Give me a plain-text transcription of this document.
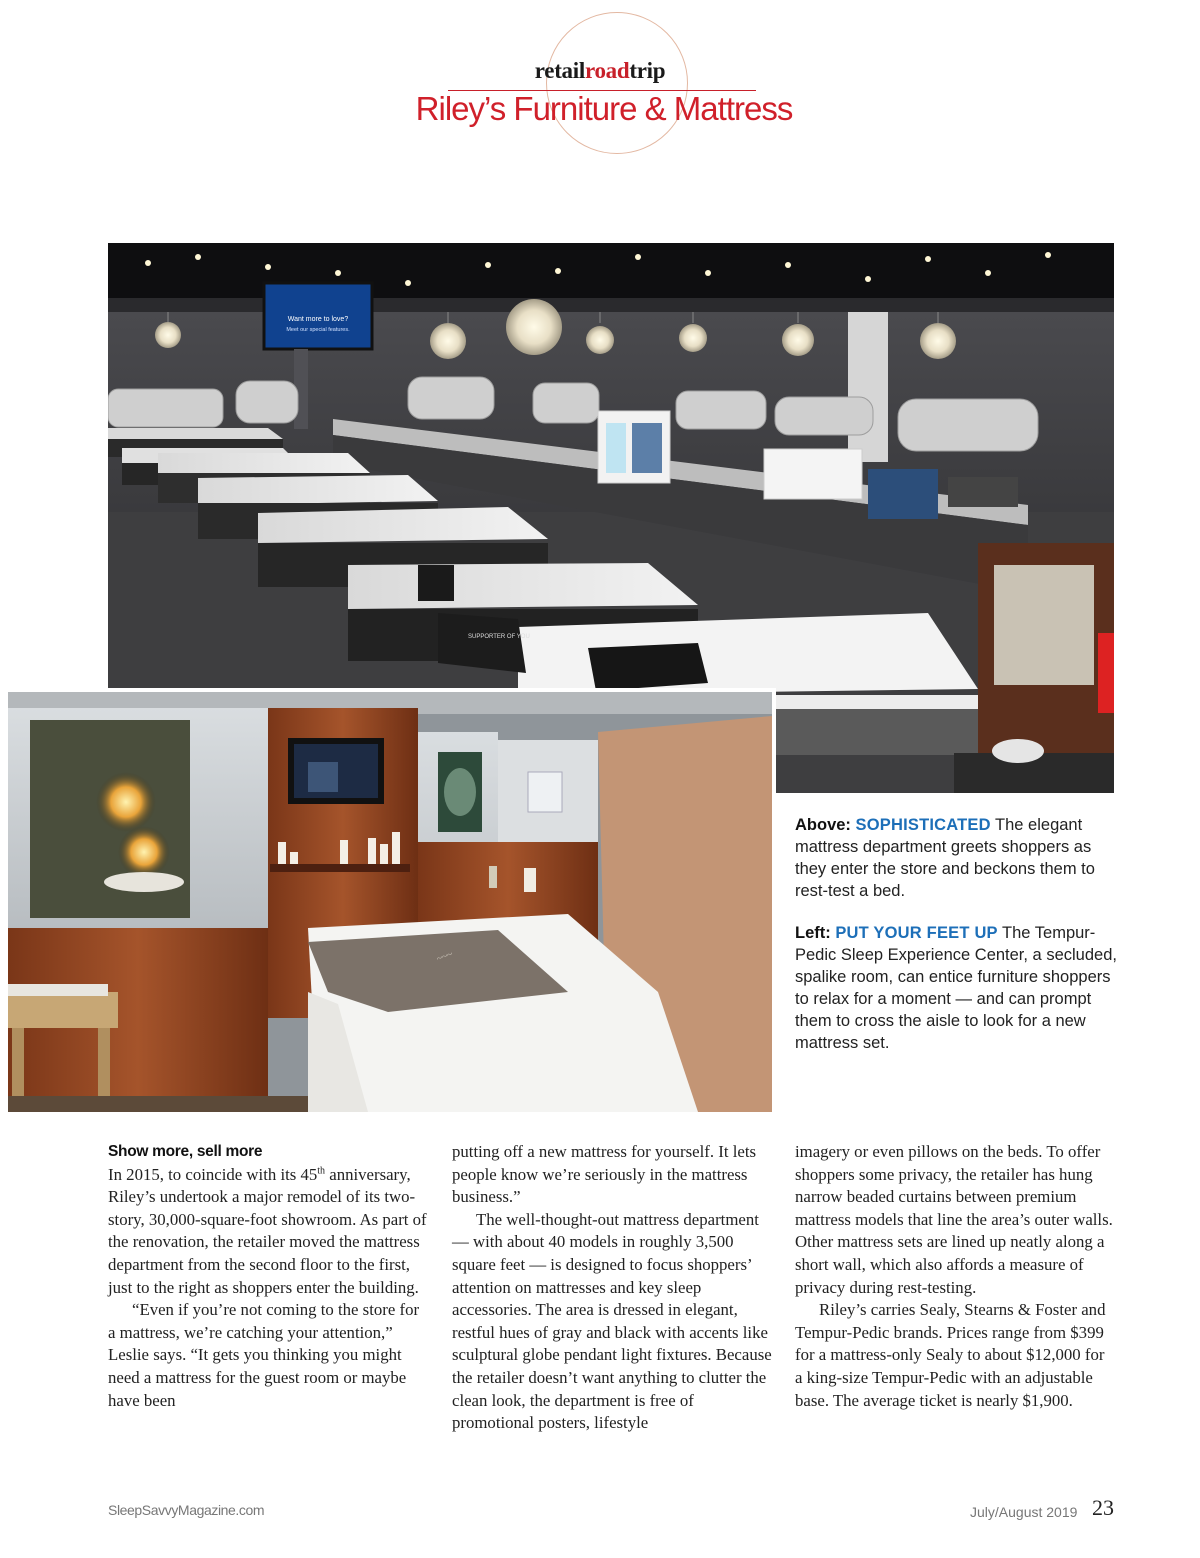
retailroadtrip
Riley’s Furniture & Mattress
Want more to love?
Meet our special features.
SUPPORTER OF YOU
~~~
Above: SOPHISTICATED The elegant mattress department greets shoppers as they enter the store and beckons them to rest-test a bed.
Left: PUT YOUR FEET UP The Tempur-Pedic Sleep Experience Center, a secluded, spalike room, can entice furniture shoppers to relax for a moment — and can prompt them to cross the aisle to look for a new mattress set.
Show more, sell more

In 2015, to coincide with its 45th anniversary, Riley’s undertook a major remodel of its two-story, 30,000-square-foot showroom. As part of the renovation, the retailer moved the mattress department from the second floor to the first, just to the right as shoppers enter the building.

“Even if you’re not coming to the store for a mattress, we’re catching your attention,” Leslie says. “It gets you thinking you might need a mattress for the guest room or maybe have been

putting off a new mattress for yourself. It lets people know we’re seriously in the mattress business.”

The well-thought-out mattress department — with about 40 models in roughly 3,500 square feet — is designed to focus shoppers’ attention on mattresses and key sleep accessories. The area is dressed in elegant, restful hues of gray and black with accents like sculptural globe pendant light fixtures. Because the retailer doesn’t want anything to clutter the clean look, the department is free of promotional posters, lifestyle

imagery or even pillows on the beds. To offer shoppers some privacy, the retailer has hung narrow beaded curtains between premium mattress models that line the area’s outer walls. Other mattress sets are lined up neatly along a short wall, which also affords a measure of privacy during rest-testing.

Riley’s carries Sealy, Stearns & Foster and Tempur-Pedic brands. Prices range from $399 for a mattress-only Sealy to about $12,000 for a king-size Tempur-Pedic with an adjustable base. The average ticket is nearly $1,900.

SleepSavvyMagazine.com	July/August 2019 23
